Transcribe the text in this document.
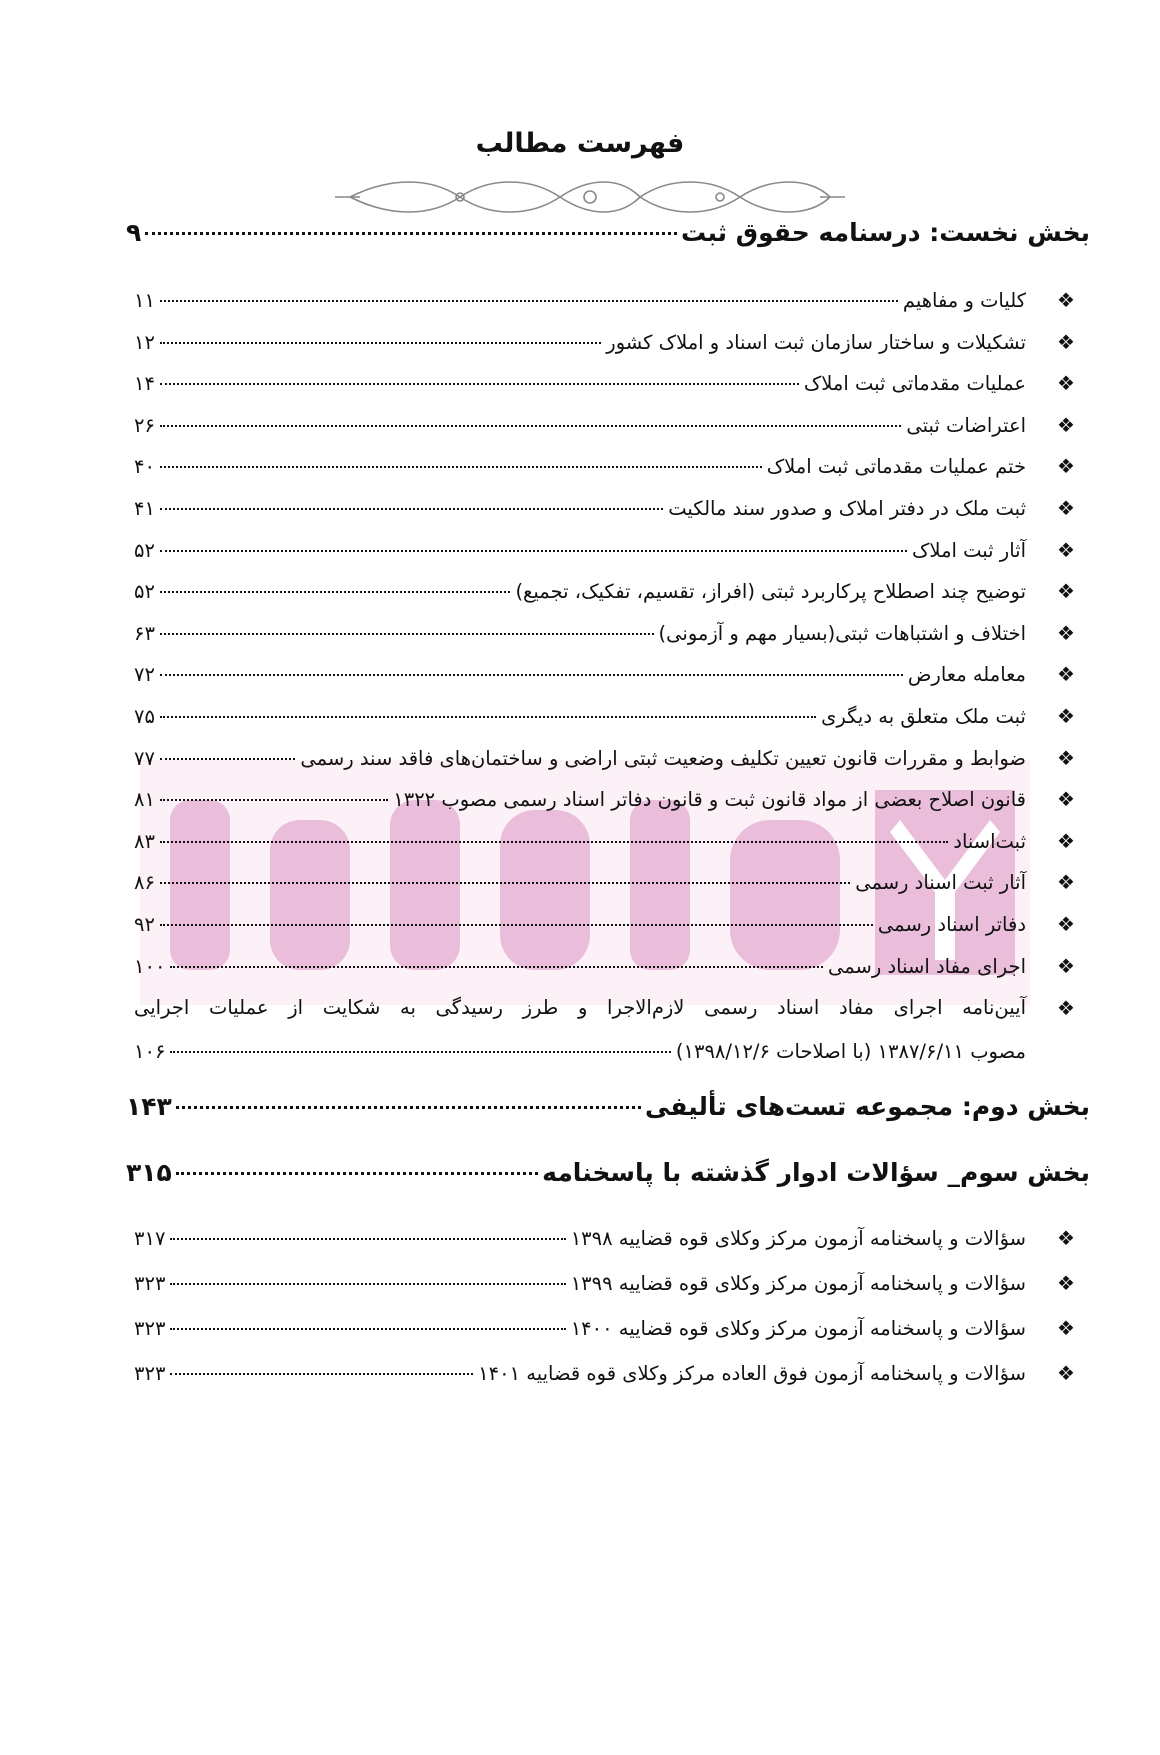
فهرست مطالب
بخش نخست: درسنامه حقوق ثبت
۹
❖
کلیات و مفاهیم
۱۱
❖
تشکیلات و ساختار سازمان ثبت اسناد و املاک کشور
۱۲
❖
عملیات مقدماتی ثبت املاک
۱۴
❖
اعتراضات ثبتی
۲۶
❖
ختم عملیات مقدماتی ثبت املاک
۴۰
❖
ثبت ملک در دفتر املاک و صدور سند مالکیت
۴۱
❖
آثار ثبت املاک
۵۲
❖
توضیح چند اصطلاح پرکاربرد ثبتی (افراز، تقسیم، تفکیک، تجمیع)
۵۲
❖
اختلاف و اشتباهات ثبتی(بسیار مهم و آزمونی)
۶۳
❖
معامله معارض
۷۲
❖
ثبت ملک متعلق به دیگری
۷۵
❖
ضوابط و مقررات قانون تعیین تکلیف وضعیت ثبتی اراضی و ساختمان‌های فاقد سند رسمی
۷۷
❖
قانون اصلاح بعضی از مواد قانون ثبت و قانون دفاتر اسناد رسمی مصوب ۱۳۲۲
۸۱
❖
ثبت‌اسناد
۸۳
❖
آثار ثبت اسناد رسمی
۸۶
❖
دفاتر اسناد رسمی
۹۲
❖
اجرای مفاد اسناد رسمی
۱۰۰
❖
آیین‌نامه اجرای مفاد اسناد رسمی لازم‌الاجرا و طرز رسیدگی به شکایت از عملیات اجرایی
مصوب ۱۳۸۷/۶/۱۱ (با اصلاحات ۱۳۹۸/۱۲/۶)
۱۰۶
بخش دوم: مجموعه تست‌های تألیفی
۱۴۳
بخش سوم_ سؤالات ادوار گذشته با پاسخنامه
۳۱۵
❖
سؤالات و پاسخنامه آزمون مرکز وکلای قوه قضاییه ۱۳۹۸
۳۱۷
❖
سؤالات و پاسخنامه آزمون مرکز وکلای قوه قضاییه ۱۳۹۹
۳۲۳
❖
سؤالات و پاسخنامه آزمون مرکز وکلای قوه قضاییه ۱۴۰۰
۳۲۳
❖
سؤالات و پاسخنامه آزمون فوق العاده مرکز وکلای قوه قضاییه ۱۴۰۱
۳۲۳
